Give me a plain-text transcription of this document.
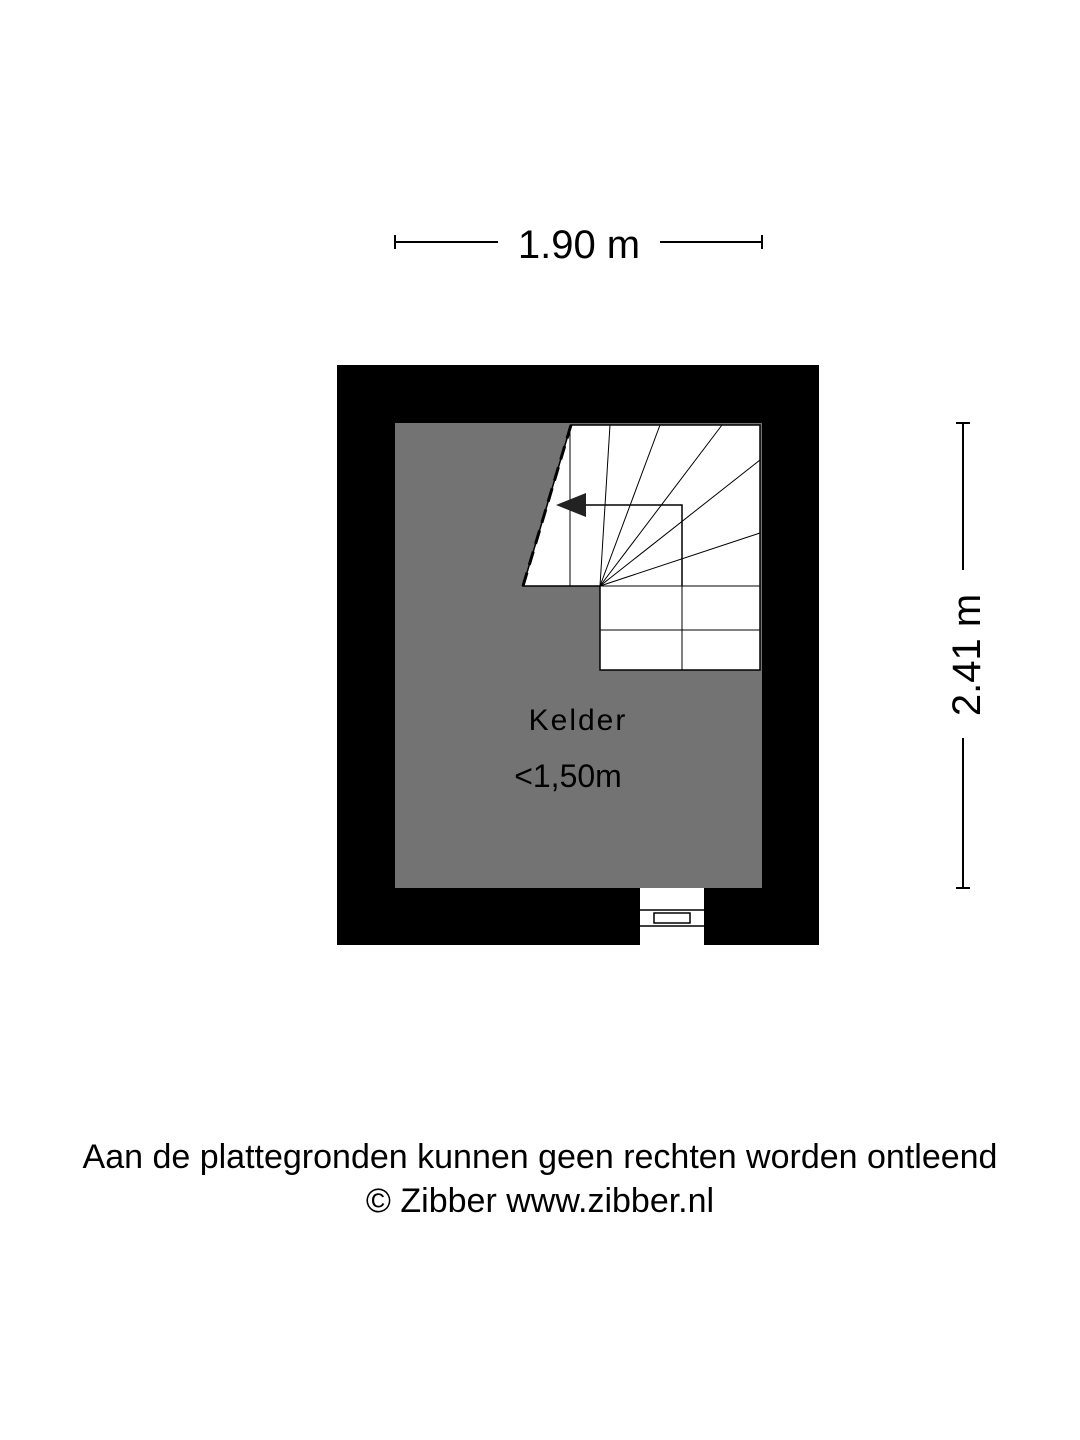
1.90 m
2.41 m
Kelder
<1,50m
Aan de plattegronden kunnen geen rechten worden ontleend
© Zibber www.zibber.nl
